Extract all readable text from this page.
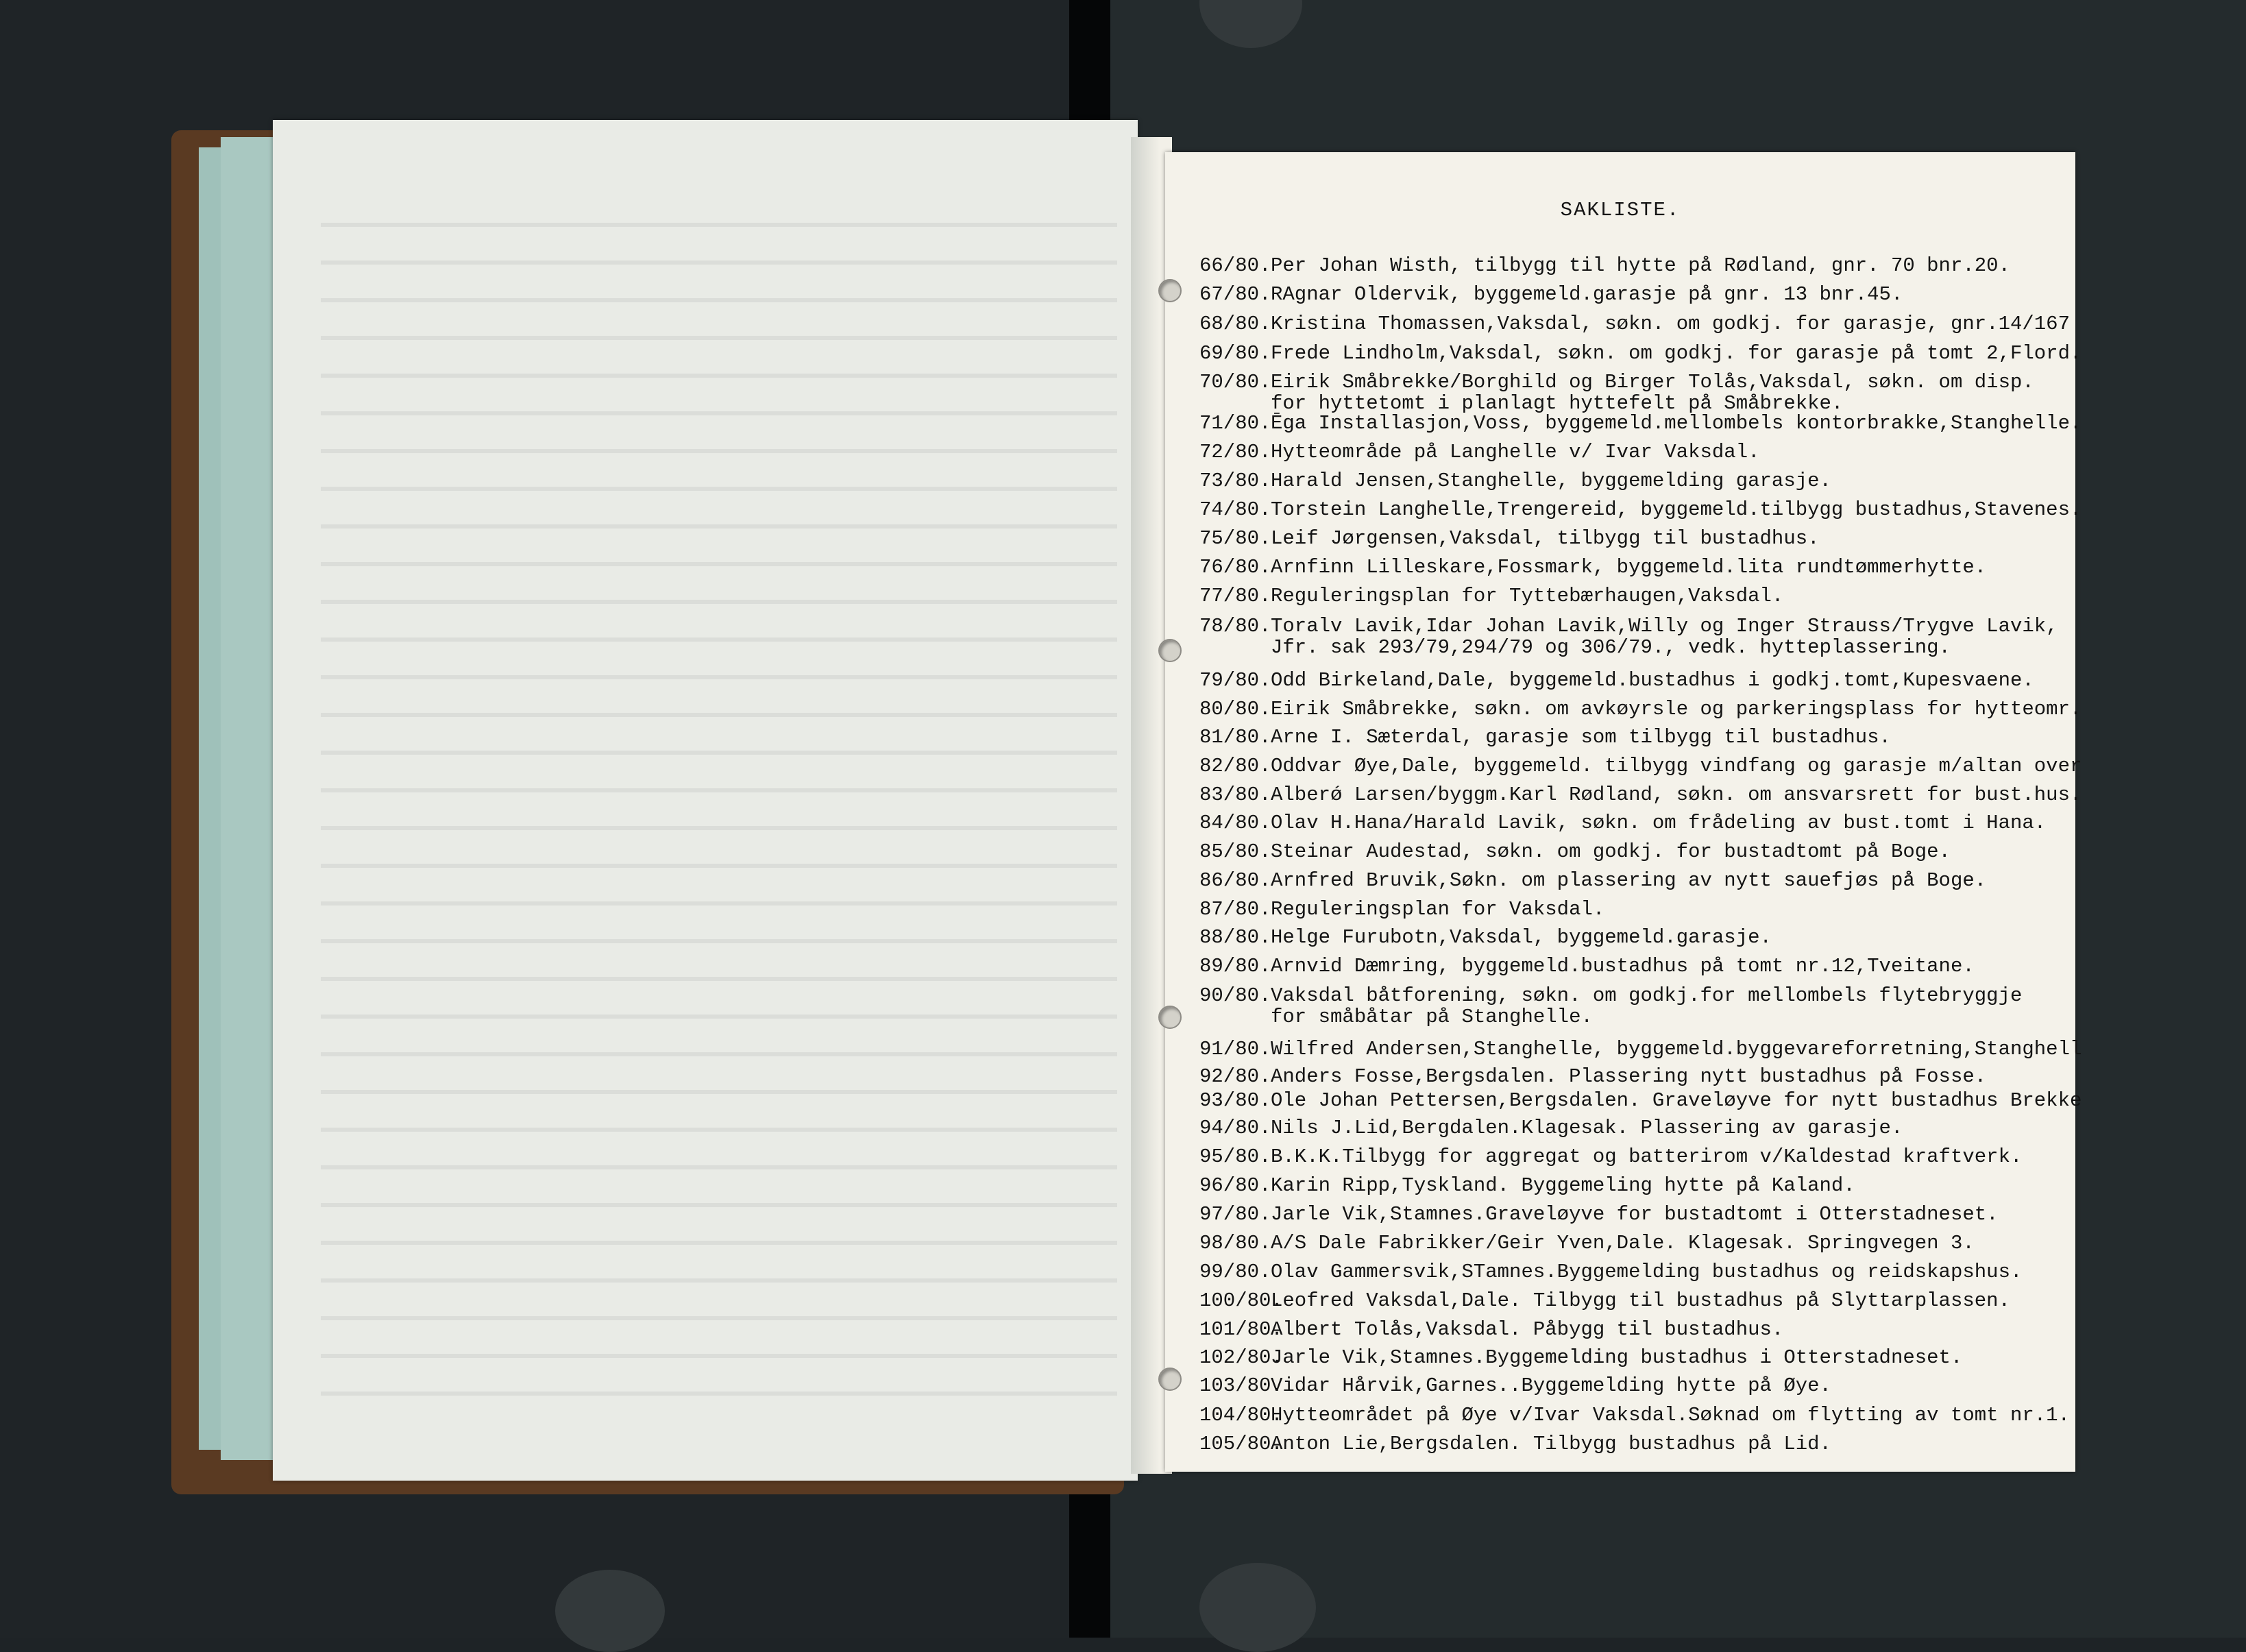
SAKLISTE.
66/80.Per Johan Wisth, tilbygg til hytte på Rødland, gnr. 70 bnr.20.
67/80.RAgnar Oldervik, byggemeld.garasje på gnr. 13 bnr.45.
68/80.Kristina Thomassen,Vaksdal, søkn. om godkj. for garasje, gnr.14/167
69/80.Frede Lindholm,Vaksdal, søkn. om godkj. for garasje på tomt 2,Flord.
70/80.Eirik Småbrekke/Borghild og Birger Tolås,Vaksdal, søkn. om disp.
for hyttetomt i planlagt hyttefelt på Småbrekke.
71/80.Ēga Installasjon,Voss, byggemeld.mellombels kontorbrakke,Stanghelle.
72/80.Hytteområde på Langhelle v/ Ivar Vaksdal.
73/80.Harald Jensen,Stanghelle, byggemelding garasje.
74/80.Torstein Langhelle,Trengereid, byggemeld.tilbygg bustadhus,Stavenes.
75/80.Leif Jørgensen,Vaksdal, tilbygg til bustadhus.
76/80.Arnfinn Lilleskare,Fossmark, byggemeld.lita rundtømmerhytte.
77/80.Reguleringsplan for Tyttebærhaugen,Vaksdal.
78/80.Toralv Lavik,Idar Johan Lavik,Willy og Inger Strauss/Trygve Lavik,
Jfr. sak 293/79,294/79 og 306/79., vedk. hytteplassering.
79/80.Odd Birkeland,Dale, byggemeld.bustadhus i godkj.tomt,Kupesvaene.
80/80.Eirik Småbrekke, søkn. om avkøyrsle og parkeringsplass for hytteomr.
81/80.Arne I. Sæterdal, garasje som tilbygg til bustadhus.
82/80.Oddvar Øye,Dale, byggemeld. tilbygg vindfang og garasje m/altan over
83/80.Alberǿ Larsen/byggm.Karl Rødland, søkn. om ansvarsrett for bust.hus.
84/80.Olav H.Hana/Harald Lavik, søkn. om frådeling av bust.tomt i Hana.
85/80.Steinar Audestad, søkn. om godkj. for bustadtomt på Boge.
86/80.Arnfred Bruvik,Søkn. om plassering av nytt sauefjøs på Boge.
87/80.Reguleringsplan for Vaksdal.
88/80.Helge Furubotn,Vaksdal, byggemeld.garasje.
89/80.Arnvid Dæmring, byggemeld.bustadhus på tomt nr.12,Tveitane.
90/80.Vaksdal båtforening, søkn. om godkj.for mellombels flytebryggje
for småbåtar på Stanghelle.
91/80.Wilfred Andersen,Stanghelle, byggemeld.byggevareforretning,Stanghell
92/80.Anders Fosse,Bergsdalen. Plassering nytt bustadhus på Fosse.
93/80.Ole Johan Pettersen,Bergsdalen. Graveløyve for nytt bustadhus Brekke
94/80.Nils J.Lid,Bergdalen.Klagesak. Plassering av garasje.
95/80.B.K.K.Tilbygg for aggregat og batterirom v/Kaldestad kraftverk.
96/80.Karin Ripp,Tyskland. Byggemeling hytte på Kaland.
97/80.Jarle Vik,Stamnes.Graveløyve for bustadtomt i Otterstadneset.
98/80.A/S Dale Fabrikker/Geir Yven,Dale. Klagesak. Springvegen 3.
99/80.Olav Gammersvik,STamnes.Byggemelding bustadhus og reidskapshus.
100/80.Leofred Vaksdal,Dale. Tilbygg til bustadhus på Slyttarplassen.
101/80.Albert Tolås,Vaksdal. Påbygg til bustadhus.
102/80.Jarle Vik,Stamnes.Byggemelding bustadhus i Otterstadneset.
103/80.Vidar Hårvik,Garnes..Byggemelding hytte på Øye.
104/80.Hytteområdet på Øye v/Ivar Vaksdal.Søknad om flytting av tomt nr.1.
105/80.Anton Lie,Bergsdalen. Tilbygg bustadhus på Lid.
